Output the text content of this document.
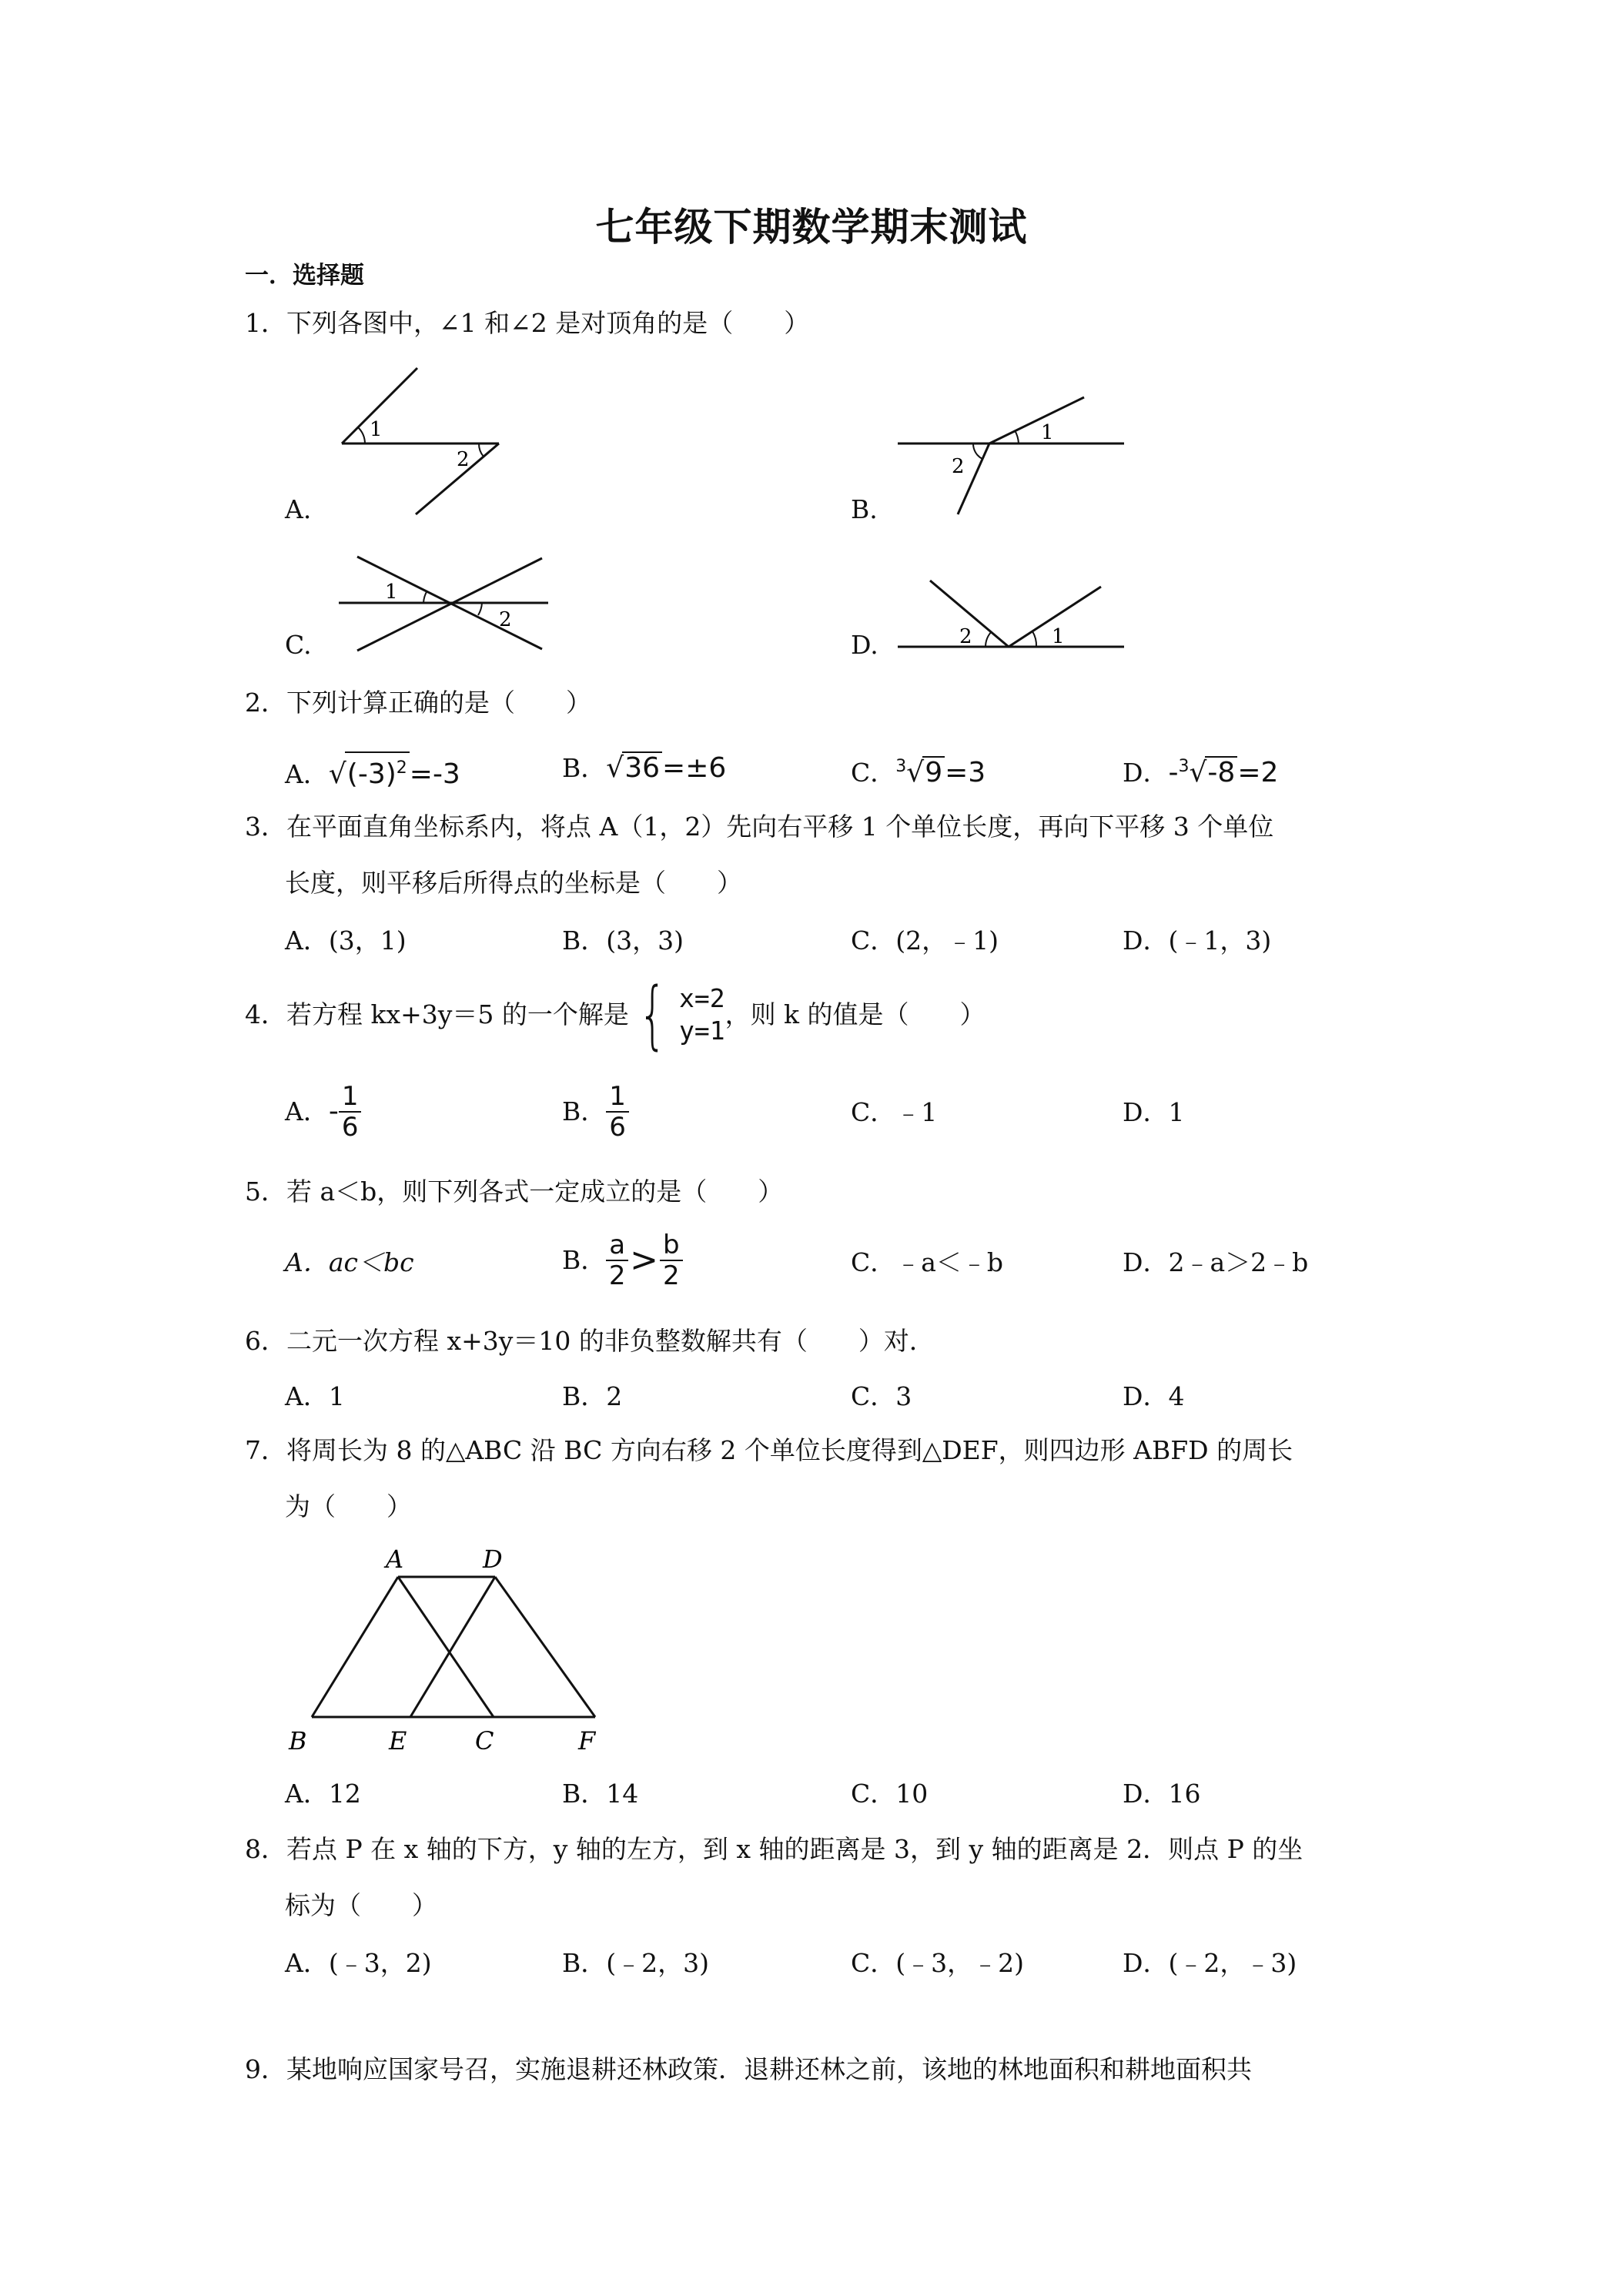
七年级下期数学期末测试
一．选择题
1．下列各图中，∠1 和∠2 是对顶角的是（　　）
A.
1
2
B.
1
2
C.
1
2
D.	2	1
2．下列计算正确的是（　　）
A．$√(-3)^2=-3$	B．√36=±6	C．$^3$√9=3	D．-$^3$√-8=2
3．在平面直角坐标系内，将点 A（1，2）先向右平移 1 个单位长度，再向下平移 3 个单位
长度，则平移后所得点的坐标是（　　）
A．(3，1)	B．(3，3)	C．(2，﹣1)	D．(﹣1，3)
4．若方程 kx+3y＝5 的一个解是 { x=2
y=1
，则 k 的值是（　　）
A． - $\frac{1}{6}$	B． $\frac{1}{6}$	C．﹣1	D．1
5．若 a＜b，则下列各式一定成立的是（　　）
A．ac＜bc	B． $\frac{a}{2} > \frac{b}{2}$	C．﹣a＜﹣b	D．2﹣a＞2﹣b
6．二元一次方程 x+3y＝10 的非负整数解共有（　　）对．
A．1	B．2	C．3	D．4
7．将周长为 8 的△ABC 沿 BC 方向右移 2 个单位长度得到△DEF，则四边形 ABFD 的周长
为（　　）
A	D
B	E	C	F
A．12	B．14	C．10	D．16
8．若点 P 在 x 轴的下方，y 轴的左方，到 x 轴的距离是 3，到 y 轴的距离是 2．则点 P 的坐
标为（　　）
A．(﹣3，2)	B．(﹣2，3)	C．(﹣3，﹣2)	D．(﹣2，﹣3)
9．某地响应国家号召，实施退耕还林政策．退耕还林之前，该地的林地面积和耕地面积共
